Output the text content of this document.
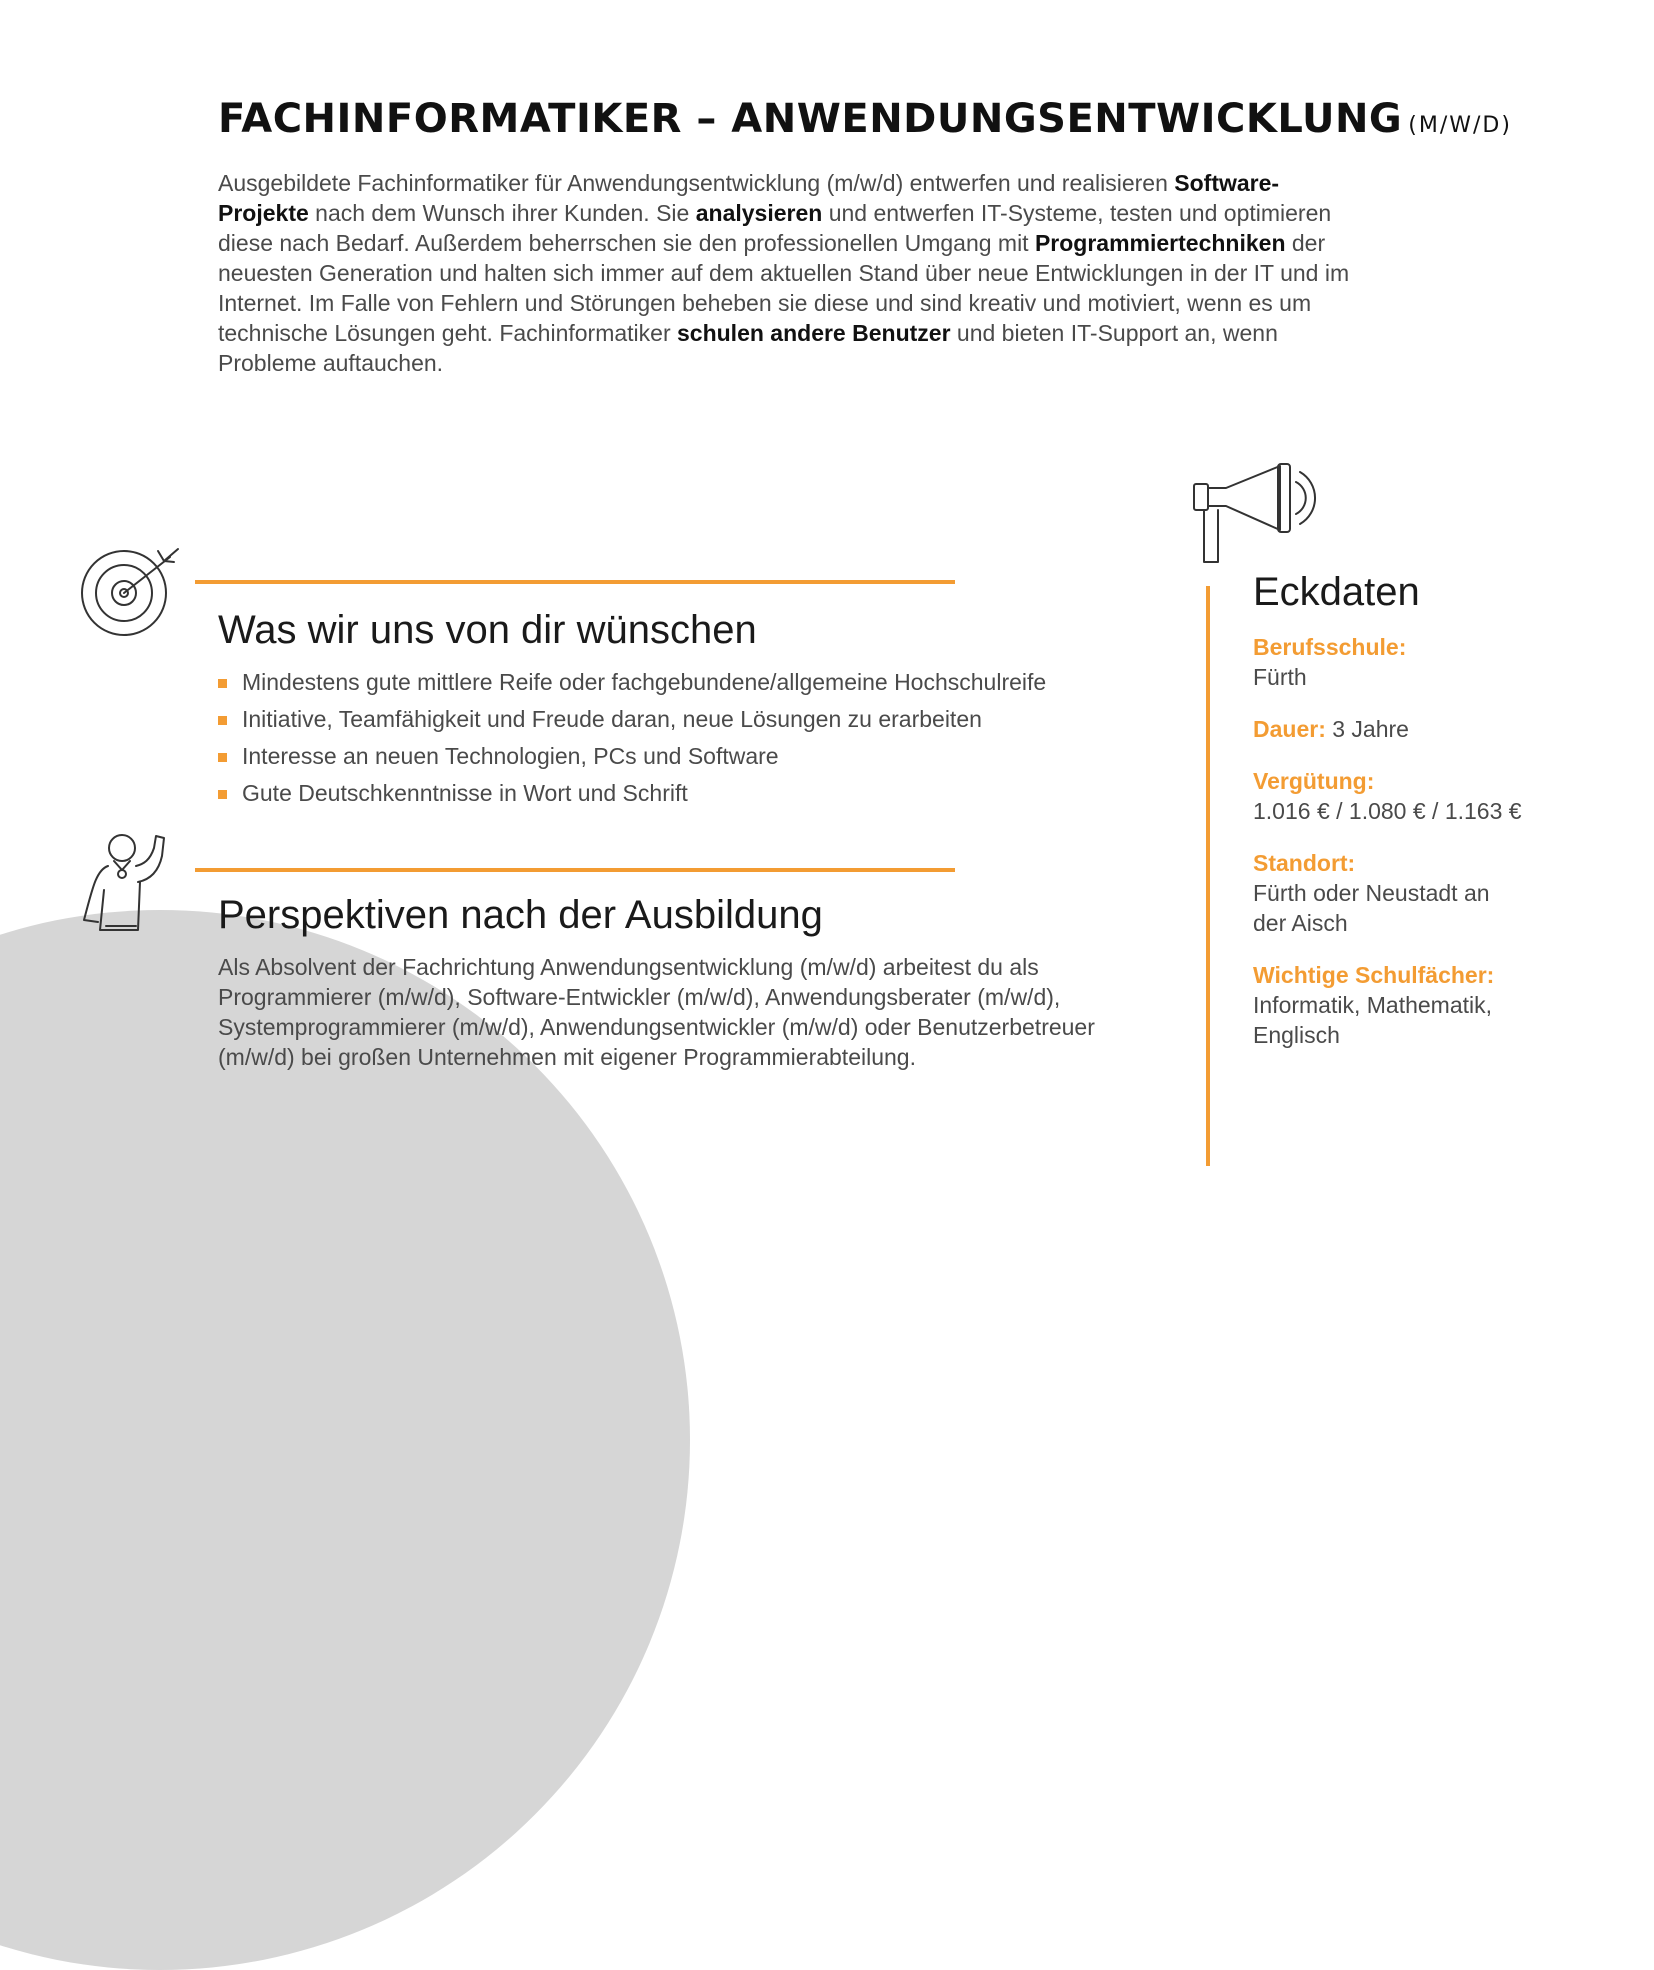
FACHINFORMATIKER – ANWENDUNGSENTWICKLUNG (M/W/D)

Ausgebildete Fachinformatiker für Anwendungsentwicklung (m/w/d) entwerfen und realisieren Software-Projekte nach dem Wunsch ihrer Kunden. Sie analysieren und entwerfen IT-Systeme, testen und optimieren diese nach Bedarf. Außerdem beherrschen sie den professionellen Umgang mit Programmiertechniken der neuesten Generation und halten sich immer auf dem aktuellen Stand über neue Entwicklungen in der IT und im Internet. Im Falle von Fehlern und Störungen beheben sie diese und sind kreativ und motiviert, wenn es um technische Lösungen geht. Fachinformatiker schulen andere Benutzer und bieten IT-Support an, wenn Probleme auftauchen.

Was wir uns von dir wünschen
Mindestens gute mittlere Reife oder fachgebundene/allgemeine Hochschulreife
Initiative, Teamfähigkeit und Freude daran, neue Lösungen zu erarbeiten
Interesse an neuen Technologien, PCs und Software
Gute Deutschkenntnisse in Wort und Schrift
Perspektiven nach der Ausbildung

Als Absolvent der Fachrichtung Anwendungsentwicklung (m/w/d) arbeitest du als Programmierer (m/w/d), Software-Entwickler (m/w/d), Anwendungsberater (m/w/d), Systemprogrammierer (m/w/d), Anwendungsentwickler (m/w/d) oder Benutzerbetreuer (m/w/d) bei großen Unternehmen mit eigener Programmierabteilung.

Eckdaten

Berufsschule:
Fürth

Dauer: 3 Jahre

Vergütung:
1.016 € / 1.080 € / 1.163 €

Standort:
Fürth oder Neustadt an der Aisch

Wichtige Schulfächer:
Informatik, Mathematik, Englisch
